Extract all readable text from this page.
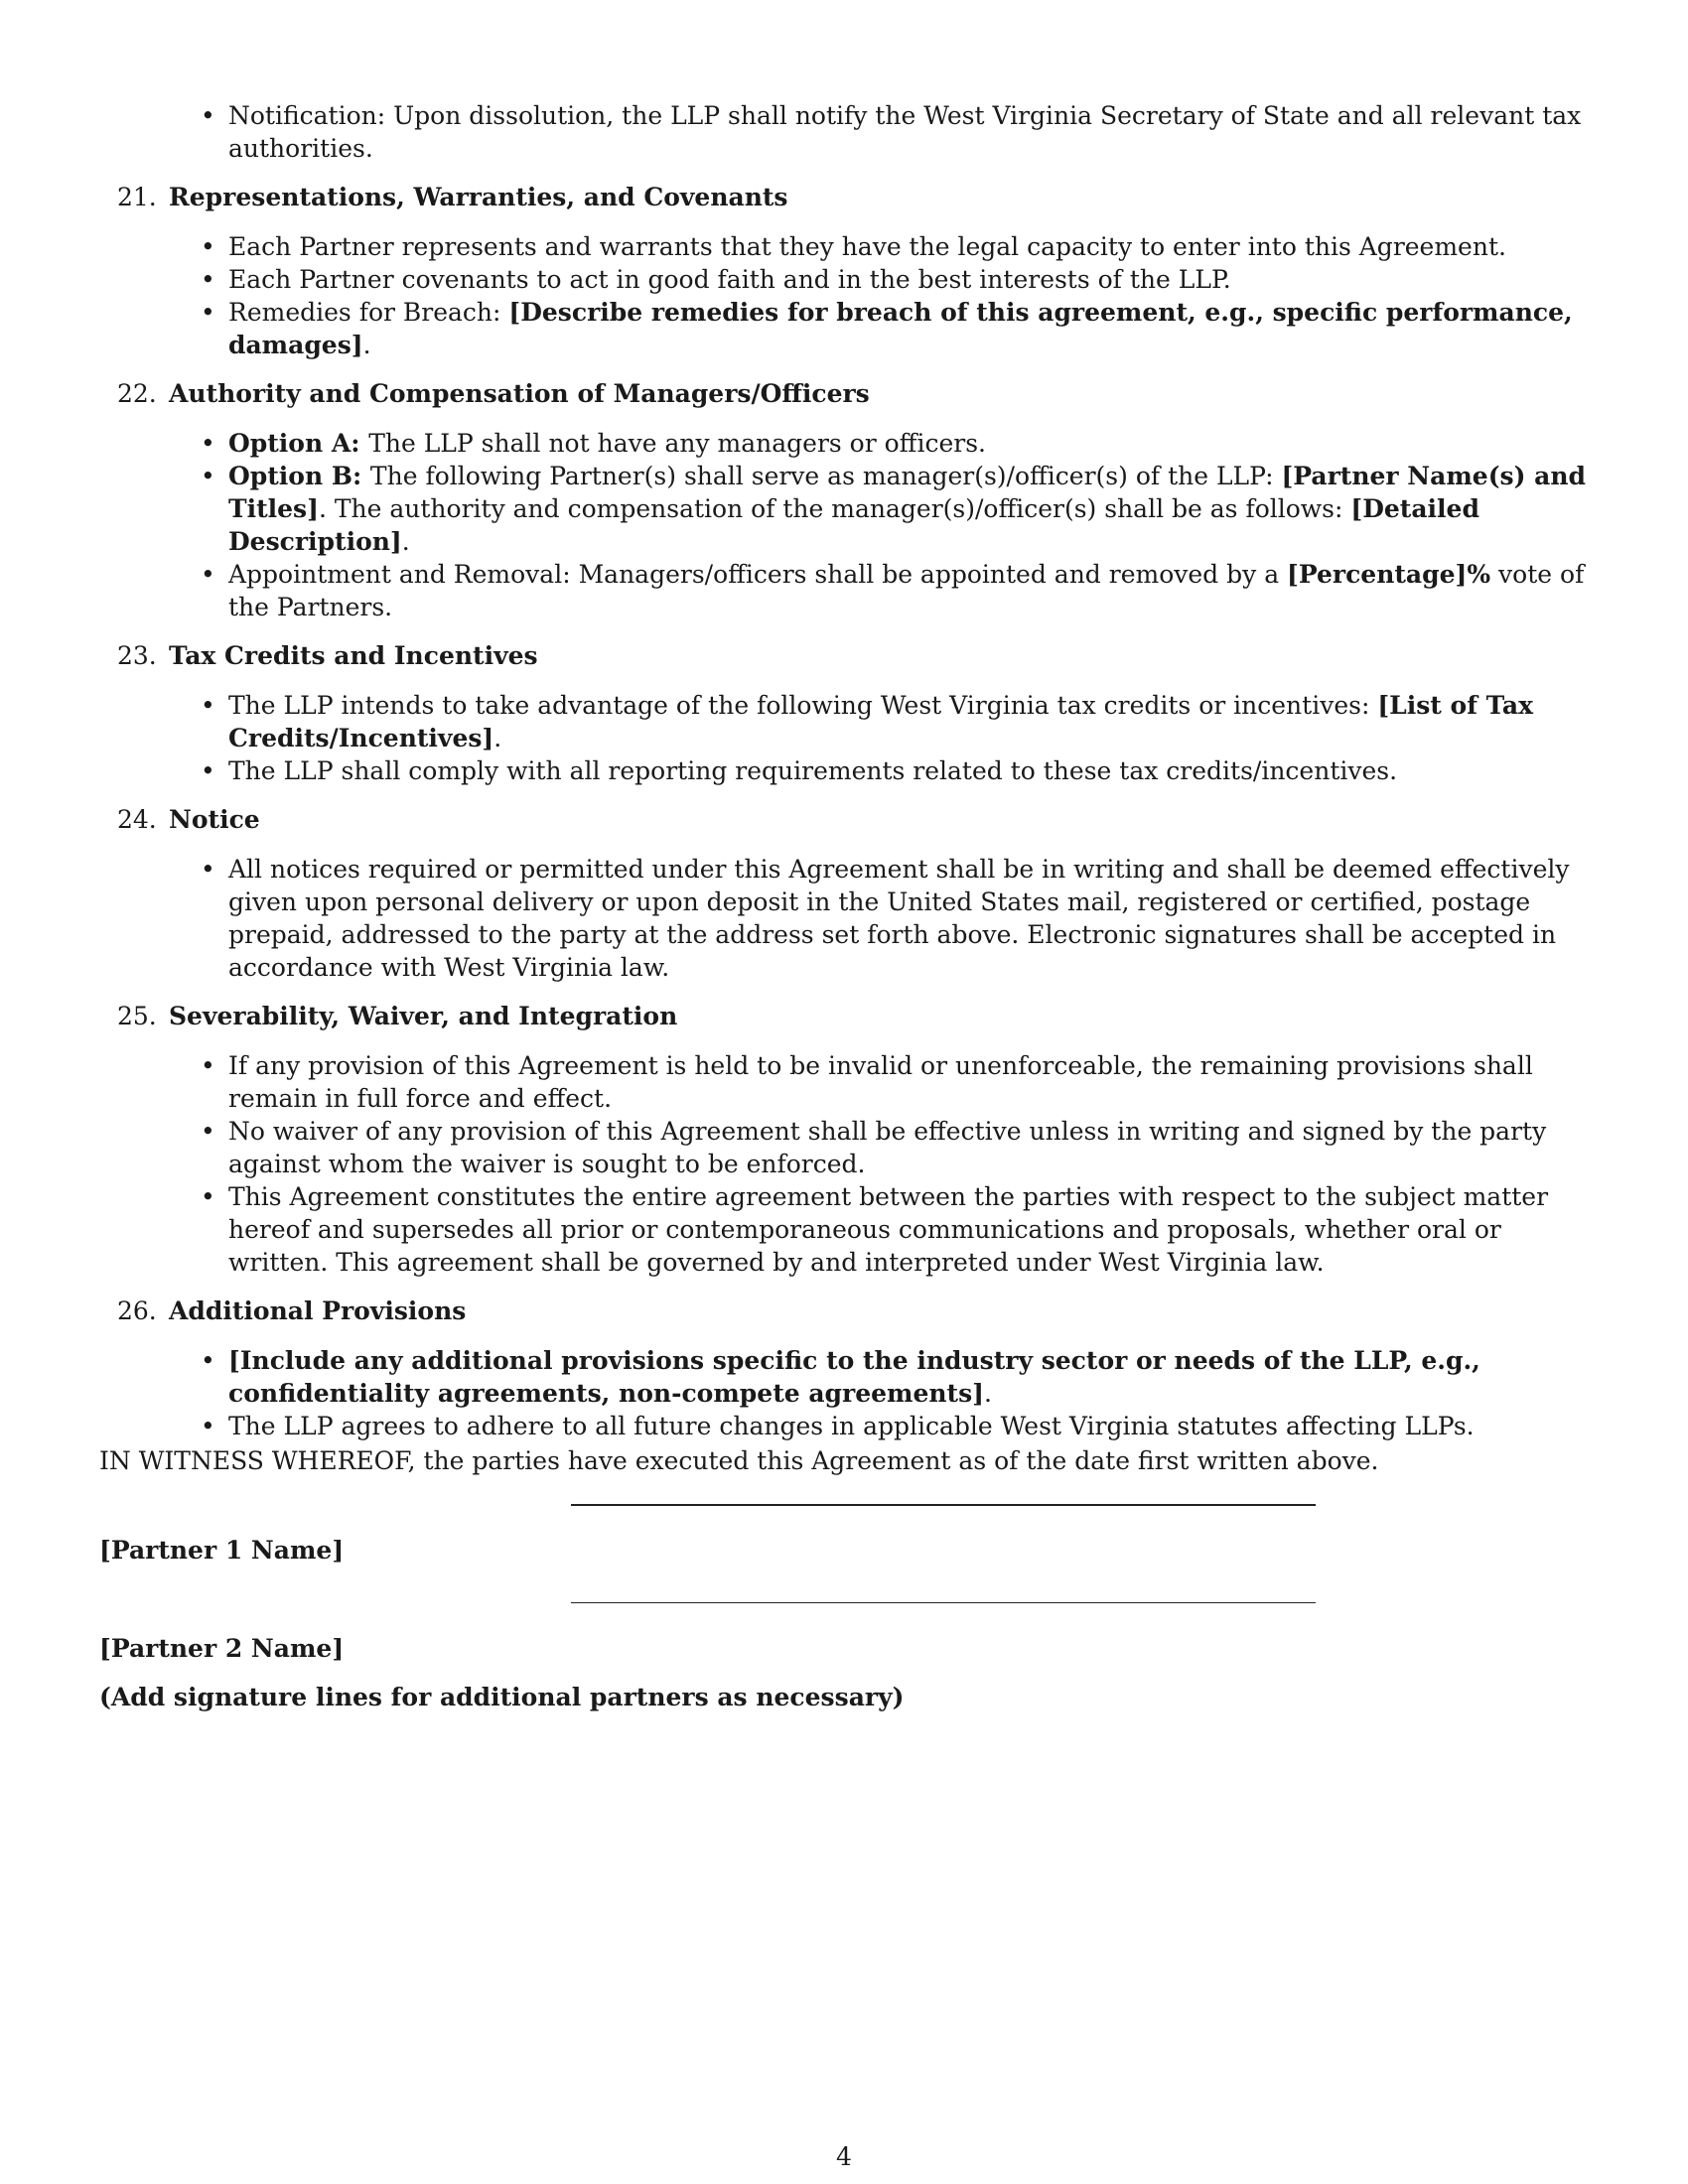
• Notification: Upon dissolution, the LLP shall notify the West Virginia Secretary of State and all relevant tax authorities.
21. Representations, Warranties, and Covenants
• Each Partner represents and warrants that they have the legal capacity to enter into this Agreement.
• Each Partner covenants to act in good faith and in the best interests of the LLP.
• Remedies for Breach: [Describe remedies for breach of this agreement, e.g., specific performance, damages].
22. Authority and Compensation of Managers/Officers
• Option A: The LLP shall not have any managers or officers.
• Option B: The following Partner(s) shall serve as manager(s)/officer(s) of the LLP: [Partner Name(s) and Titles]. The authority and compensation of the manager(s)/officer(s) shall be as follows: [Detailed Description].
• Appointment and Removal: Managers/officers shall be appointed and removed by a [Percentage]% vote of the Partners.
23. Tax Credits and Incentives
• The LLP intends to take advantage of the following West Virginia tax credits or incentives: [List of Tax Credits/Incentives].
• The LLP shall comply with all reporting requirements related to these tax credits/incentives.
24. Notice
• All notices required or permitted under this Agreement shall be in writing and shall be deemed effectively given upon personal delivery or upon deposit in the United States mail, registered or certified, postage prepaid, addressed to the party at the address set forth above. Electronic signatures shall be accepted in accordance with West Virginia law.
25. Severability, Waiver, and Integration
• If any provision of this Agreement is held to be invalid or unenforceable, the remaining provisions shall remain in full force and effect.
• No waiver of any provision of this Agreement shall be effective unless in writing and signed by the party against whom the waiver is sought to be enforced.
• This Agreement constitutes the entire agreement between the parties with respect to the subject matter hereof and supersedes all prior or contemporaneous communications and proposals, whether oral or written. This agreement shall be governed by and interpreted under West Virginia law.
26. Additional Provisions
• [Include any additional provisions specific to the industry sector or needs of the LLP, e.g., confidentiality agreements, non-compete agreements].
• The LLP agrees to adhere to all future changes in applicable West Virginia statutes affecting LLPs.

IN WITNESS WHEREOF, the parties have executed this Agreement as of the date first written above.

[Partner 1 Name]

[Partner 2 Name]

(Add signature lines for additional partners as necessary)

4
